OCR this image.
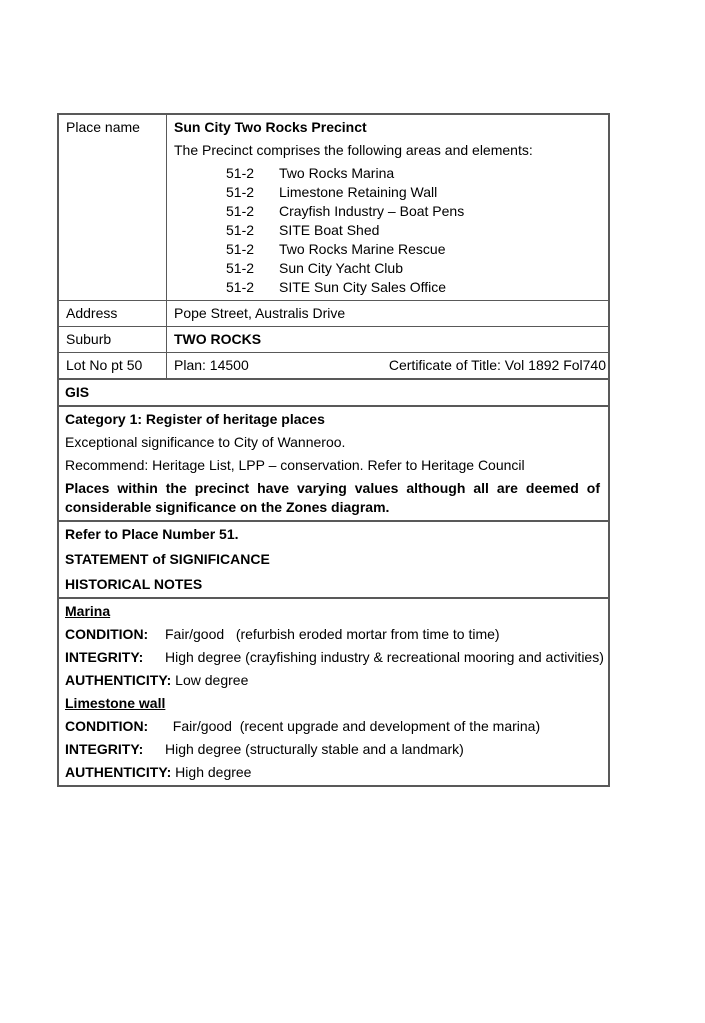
Place name	Sun City Two Rocks Precinct

The Precinct comprises the following areas and elements:

51-2	Two Rocks Marina
51-2	Limestone Retaining Wall
51-2	Crayfish Industry – Boat Pens
51-2	SITE Boat Shed
51-2	Two Rocks Marine Rescue
51-2	Sun City Yacht Club
51-2	SITE Sun City Sales Office
Address	Pope Street, Australis Drive
Suburb	TWO ROCKS
Lot No pt 50	Plan: 14500	Certificate of Title: Vol 1892 Fol740
GIS

Category 1: Register of heritage places

Exceptional significance to City of Wanneroo.

Recommend: Heritage List, LPP – conservation. Refer to Heritage Council

Places within the precinct have varying values although all are deemed of considerable significance on the Zones diagram.

Refer to Place Number 51.

STATEMENT of SIGNIFICANCE

HISTORICAL NOTES

Marina

CONDITION: Fair/good   (refurbish eroded mortar from time to time)

INTEGRITY: High degree (crayfishing industry & recreational mooring and activities)

AUTHENTICITY: Low degree

Limestone wall

CONDITION:  Fair/good  (recent upgrade and development of the marina)

INTEGRITY: High degree (structurally stable and a landmark)

AUTHENTICITY: High degree
